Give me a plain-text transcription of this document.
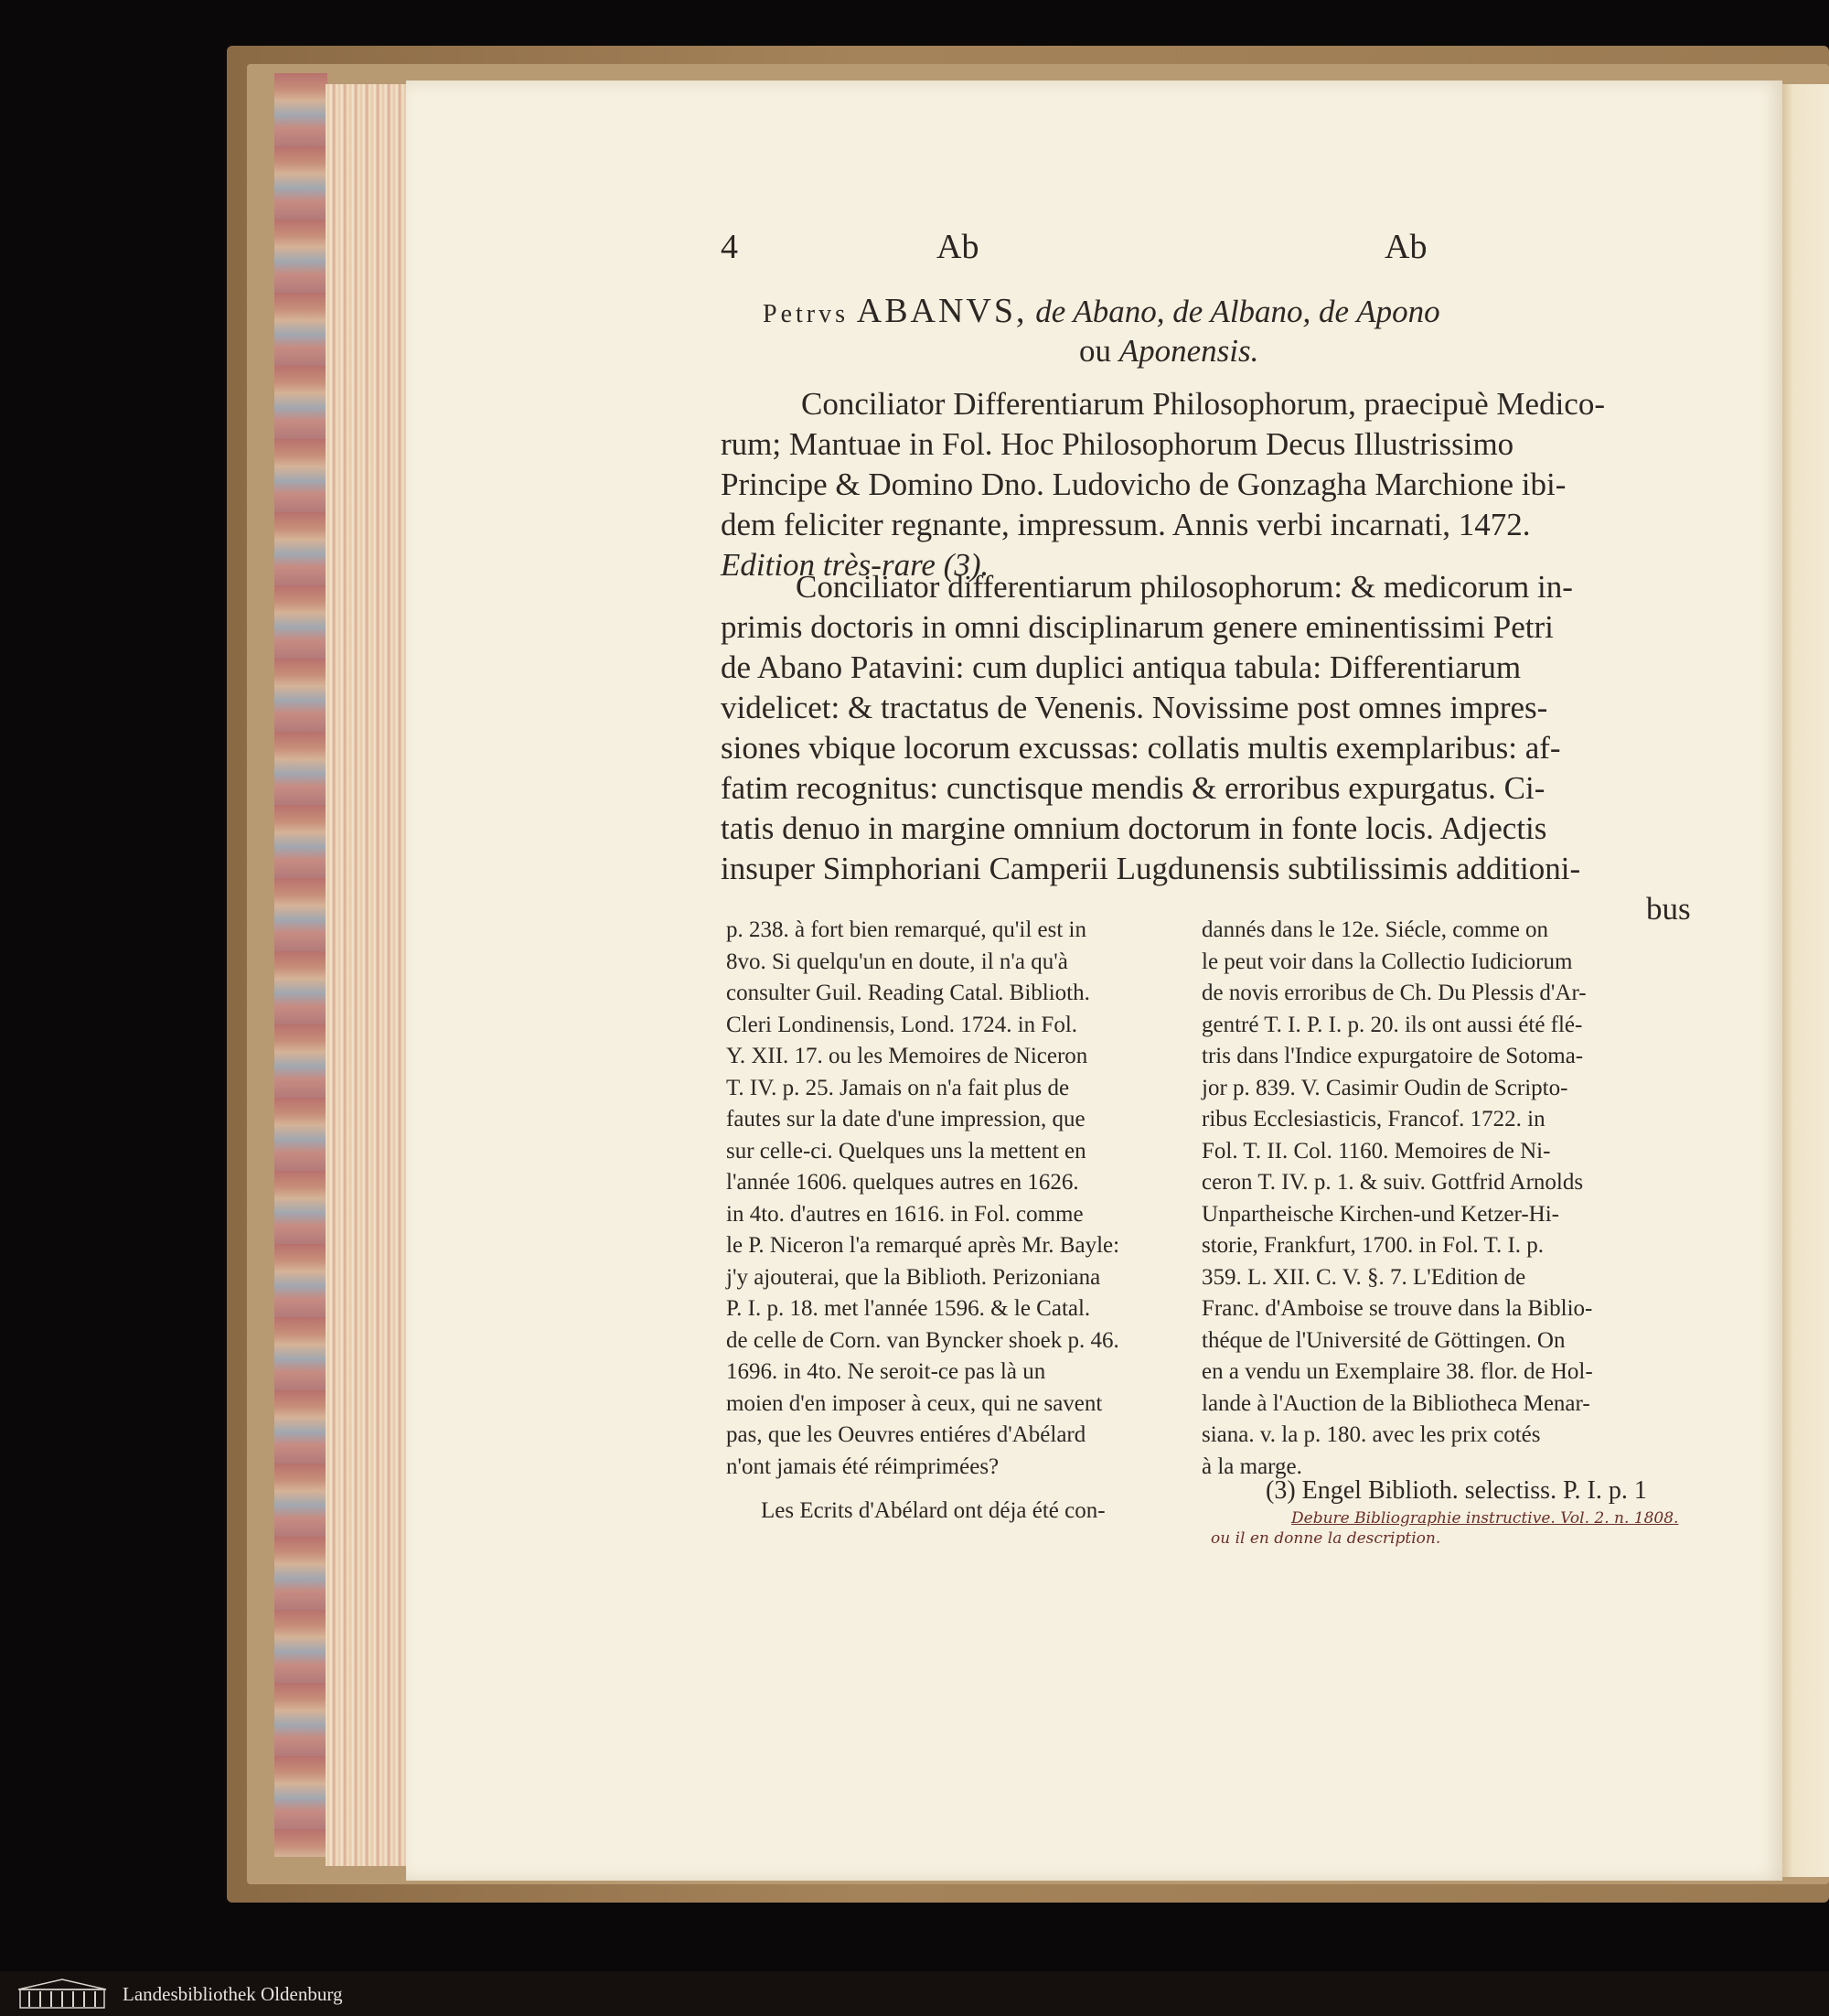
4	Ab	Ab
Petrvs ABANVS, de Abano, de Albano, de Apono
ou Aponensis.
Conciliator Differentiarum Philosophorum, praecipuè Medico-
rum; Mantuae in Fol. Hoc Philosophorum Decus Illustrissimo
Principe & Domino Dno. Ludovicho de Gonzagha Marchione ibi-
dem feliciter regnante, impressum. Annis verbi incarnati, 1472.
Edition très-rare (3).
Conciliator differentiarum philosophorum: & medicorum in-
primis doctoris in omni disciplinarum genere eminentissimi Petri
de Abano Patavini: cum duplici antiqua tabula: Differentiarum
videlicet: & tractatus de Venenis. Novissime post omnes impres-
siones vbique locorum excussas: collatis multis exemplaribus: af-
fatim recognitus: cunctisque mendis & erroribus expurgatus. Ci-
tatis denuo in margine omnium doctorum in fonte locis. Adjectis
insuper Simphoriani Camperii Lugdunensis subtilissimis additioni-
bus
p. 238. à fort bien remarqué, qu'il est in
8vo. Si quelqu'un en doute, il n'a qu'à
consulter Guil. Reading Catal. Biblioth.
Cleri Londinensis, Lond. 1724. in Fol.
Y. XII. 17. ou les Memoires de Niceron
T. IV. p. 25. Jamais on n'a fait plus de
fautes sur la date d'une impression, que
sur celle-ci. Quelques uns la mettent en
l'année 1606. quelques autres en 1626.
in 4to. d'autres en 1616. in Fol. comme
le P. Niceron l'a remarqué après Mr. Bayle:
j'y ajouterai, que la Biblioth. Perizoniana
P. I. p. 18. met l'année 1596. & le Catal.
de celle de Corn. van Byncker shoek p. 46.
1696. in 4to. Ne seroit-ce pas là un
moien d'en imposer à ceux, qui ne savent
pas, que les Oeuvres entiéres d'Abélard
n'ont jamais été réimprimées?
Les Ecrits d'Abélard ont déja été con-
dannés dans le 12e. Siécle, comme on
le peut voir dans la Collectio Iudiciorum
de novis erroribus de Ch. Du Plessis d'Ar-
gentré T. I. P. I. p. 20. ils ont aussi été flé-
tris dans l'Indice expurgatoire de Sotoma-
jor p. 839. V. Casimir Oudin de Scripto-
ribus Ecclesiasticis, Francof. 1722. in
Fol. T. II. Col. 1160. Memoires de Ni-
ceron T. IV. p. 1. & suiv. Gottfrid Arnolds
Unpartheische Kirchen-und Ketzer-Hi-
storie, Frankfurt, 1700. in Fol. T. I. p.
359. L. XII. C. V. §. 7. L'Edition de
Franc. d'Amboise se trouve dans la Biblio-
théque de l'Université de Göttingen. On
en a vendu un Exemplaire 38. flor. de Hol-
lande à l'Auction de la Bibliotheca Menar-
siana. v. la p. 180. avec les prix cotés
à la marge.
(3) Engel Biblioth. selectiss. P. I. p. 1
Debure Bibliographie instructive. Vol. 2. n. 1808.
ou il en donne la description.
Landesbibliothek Oldenburg
